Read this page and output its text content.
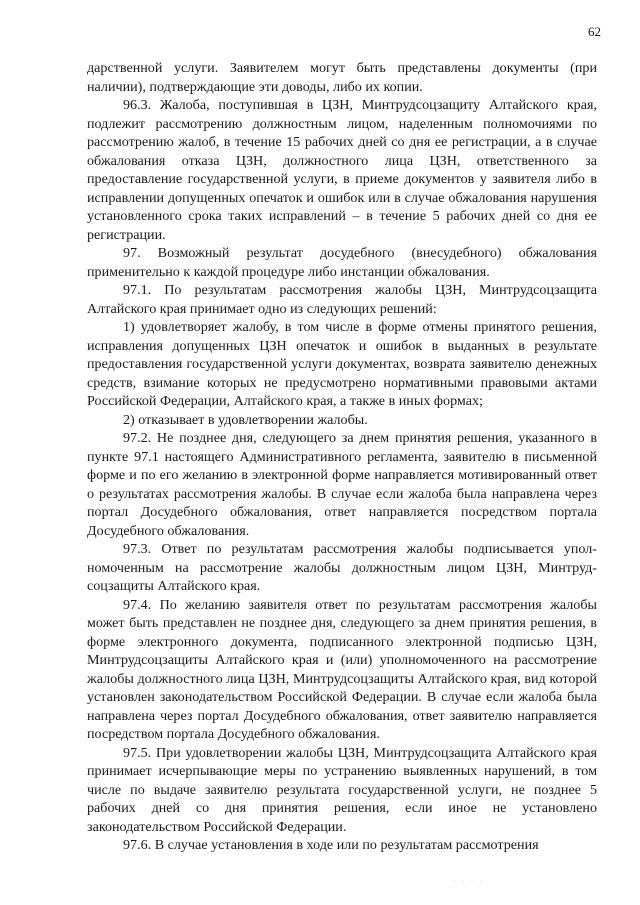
62

дарственной услуги. Заявителем могут быть представлены документы (при наличии), подтверждающие эти доводы, либо их копии.

96.3. Жалоба, поступившая в ЦЗН, Минтрудсоцзащиту Алтайского края, подлежит рассмотрению должностным лицом, наделенным полномочиями по рассмотрению жалоб, в течение 15 рабочих дней со дня ее регистрации, а в случае обжалования отказа ЦЗН, должностного лица ЦЗН, ответственного за предоставление государственной услуги, в приеме документов у заявителя либо в исправлении допущенных опечаток и ошибок или в случае обжалования нарушения установленного срока таких исправлений – в течение 5 рабочих дней со дня ее регистрации.

97. Возможный результат досудебного (внесудебного) обжалования применительно к каждой процедуре либо инстанции обжалования.

97.1. По результатам рассмотрения жалобы ЦЗН, Минтрудсоцзащита Алтайского края принимает одно из следующих решений:

1) удовлетворяет жалобу, в том числе в форме отмены принятого решения, исправления допущенных ЦЗН опечаток и ошибок в выданных в результате предоставления государственной услуги документах, возврата заявителю денежных средств, взимание которых не предусмотрено нормативными правовыми актами Российской Федерации, Алтайского края, а также в иных формах;

2) отказывает в удовлетворении жалобы.

97.2. Не позднее дня, следующего за днем принятия решения, указанного в пункте 97.1 настоящего Административного регламента, заявителю в письменной форме и по его желанию в электронной форме направляется мотивированный ответ о результатах рассмотрения жалобы. В случае если жалоба была направлена через портал Досудебного обжалования, ответ направляется посредством портала Досудебного обжалования.

97.3. Ответ по результатам рассмотрения жалобы подписывается уполномоченным на рассмотрение жалобы должностным лицом ЦЗН, Минтрудсоцзащиты Алтайского края.

97.4. По желанию заявителя ответ по результатам рассмотрения жалобы может быть представлен не позднее дня, следующего за днем принятия решения, в форме электронного документа, подписанного электронной подписью ЦЗН, Минтрудсоцзащиты Алтайского края и (или) уполномоченного на рассмотрение жалобы должностного лица ЦЗН, Минтрудсоцзащиты Алтайского края, вид которой установлен законодательством Российской Федерации. В случае если жалоба была направлена через портал Досудебного обжалования, ответ заявителю направляется посредством портала Досудебного обжалования.

97.5. При удовлетворении жалобы ЦЗН, Минтрудсоцзащита Алтайского края принимает исчерпывающие меры по устранению выявленных нарушений, в том числе по выдаче заявителю результата государственной услуги, не позднее 5 рабочих дней со дня принятия решения, если иное не установлено законодательством Российской Федерации.

97.6. В случае установления в ходе или по результатам рассмотрения

· · · ·
